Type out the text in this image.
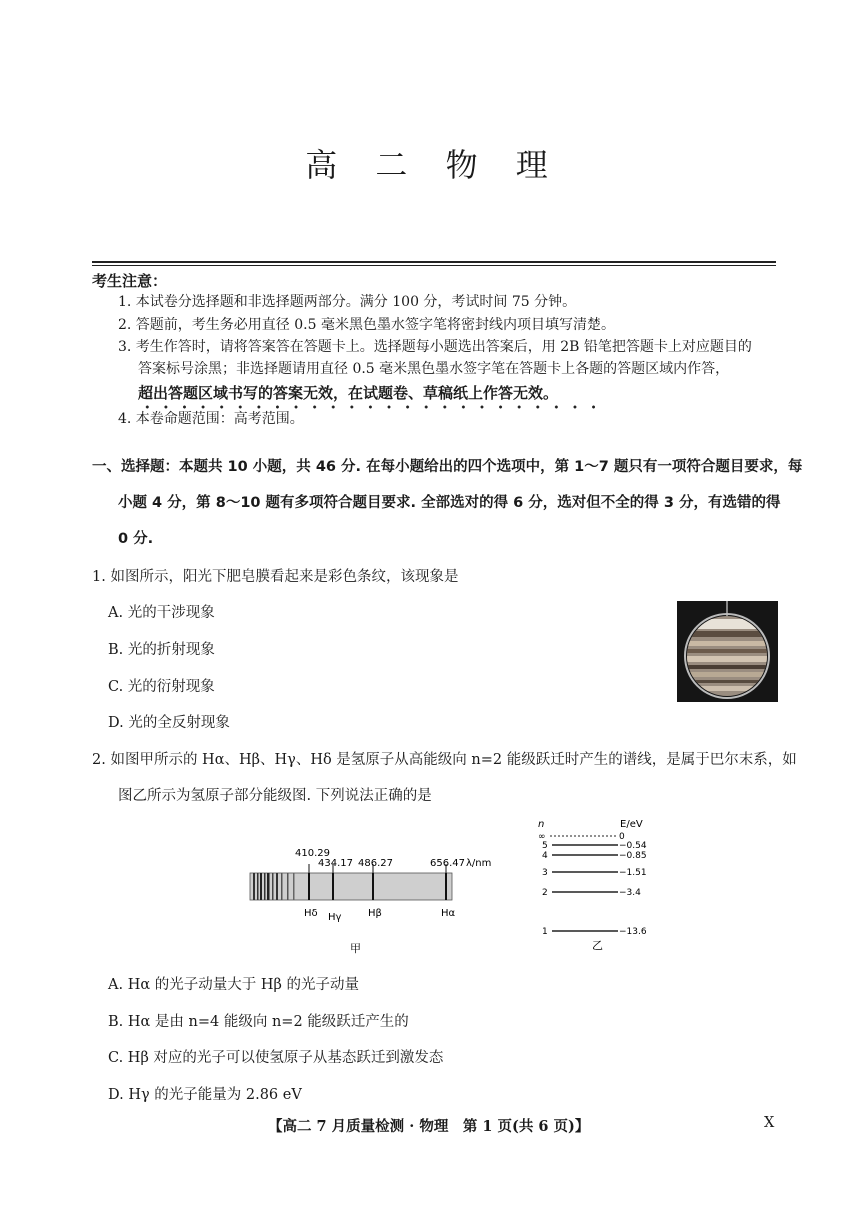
高 二 物 理
考生注意：
1. 本试卷分选择题和非选择题两部分。满分 100 分，考试时间 75 分钟。
2. 答题前，考生务必用直径 0.5 毫米黑色墨水签字笔将密封线内项目填写清楚。
3. 考生作答时，请将答案答在答题卡上。选择题每小题选出答案后，用 2B 铅笔把答题卡上对应题目的
答案标号涂黑；非选择题请用直径 0.5 毫米黑色墨水签字笔在答题卡上各题的答题区域内作答，
超出答题区域书写的答案无效，在试题卷、草稿纸上作答无效。
4. 本卷命题范围：高考范围。
一、选择题：本题共 10 小题，共 46 分. 在每小题给出的四个选项中，第 1～7 题只有一项符合题目要求，每
小题 4 分，第 8～10 题有多项符合题目要求. 全部选对的得 6 分，选对但不全的得 3 分，有选错的得
0 分.
1. 如图所示，阳光下肥皂膜看起来是彩色条纹，该现象是
A. 光的干涉现象
B. 光的折射现象
C. 光的衍射现象
D. 光的全反射现象
2. 如图甲所示的 Hα、Hβ、Hγ、Hδ 是氢原子从高能级向 n=2 能级跃迁时产生的谱线，是属于巴尔末系，如
图乙所示为氢原子部分能级图. 下列说法正确的是
410.29
434.17 486.27	656.47 λ/nm
Hδ Hγ	Hβ	Hα
甲
n	E/eV
∞	0
5	−0.54
4	−0.85
3	−1.51
2	−3.4
1	−13.6
乙
A. Hα 的光子动量大于 Hβ 的光子动量
B. Hα 是由 n=4 能级向 n=2 能级跃迁产生的
C. Hβ 对应的光子可以使氢原子从基态跃迁到激发态
D. Hγ 的光子能量为 2.86 eV
【高二 7 月质量检测 · 物理　第 1 页(共 6 页)】	X
